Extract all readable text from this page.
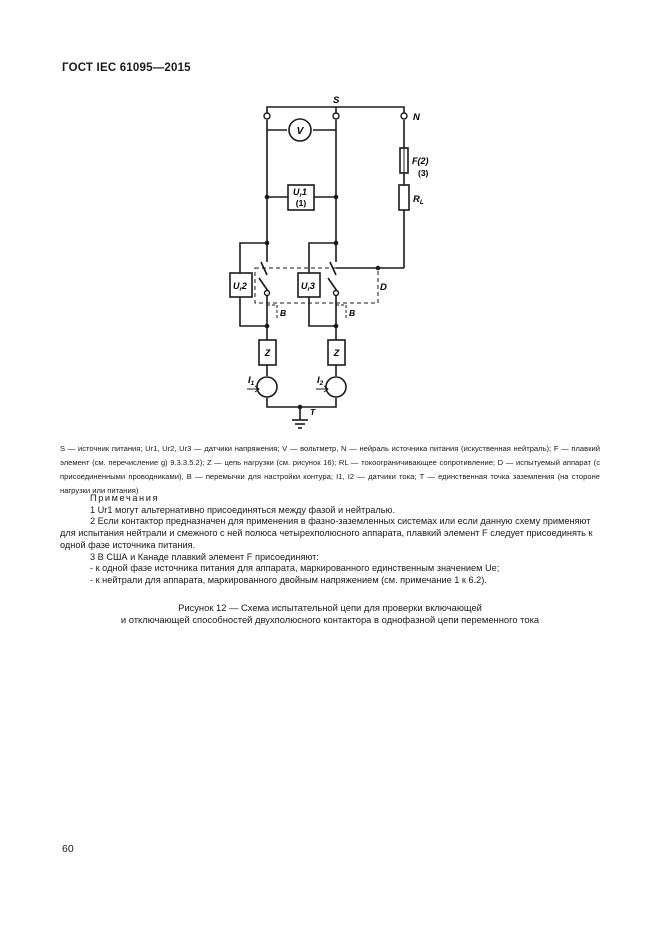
ГОСТ IEC 61095—2015
V
$U_r1$
(1)
$U_r2$	$U_r3$
F(2)
(3)
$R_L$
Z	Z
$I_1$	$I_2$
S
N
D
B	B
T
S — источник питания; Ur1, Ur2, Ur3 — датчики напряжения; V — вольтметр, N — нейраль источника питания (искуственная нейтраль); F — плавкий элемент (см. перечисление g) 9.3.3.5.2); Z — цепь нагрузки (см. рисунок 16); RL — токоограничивающее сопротивление; D — испытуемый аппарат (с присоединенными проводниками), B — перемычки для настройки контура; I1, I2 — датчики тока; T — единственная точка заземления (на стороне нагрузки или питания)

Примечания

1 Ur1 могут альтернативно присоединяться между фазой и нейтралью.

2 Если контактор предназначен для применения в фазно-заземленных системах или если данную схему применяют для испытания нейтрали и смежного с ней полюса четырехполюсного аппарата, плавкий элемент F следует присоединять к одной фазе источника питания.

3 В США и Канаде плавкий элемент F присоединяют:

- к одной фазе источника питания для аппарата, маркированного единственным значением Ue;

- к нейтрали для аппарата, маркированного двойным напряжением (см. примечание 1 к 6.2).

Рисунок 12 — Схема испытательной цепи для проверки включающей

и отключающей способностей двухполюсного контактора в однофазной цепи переменного тока

60
